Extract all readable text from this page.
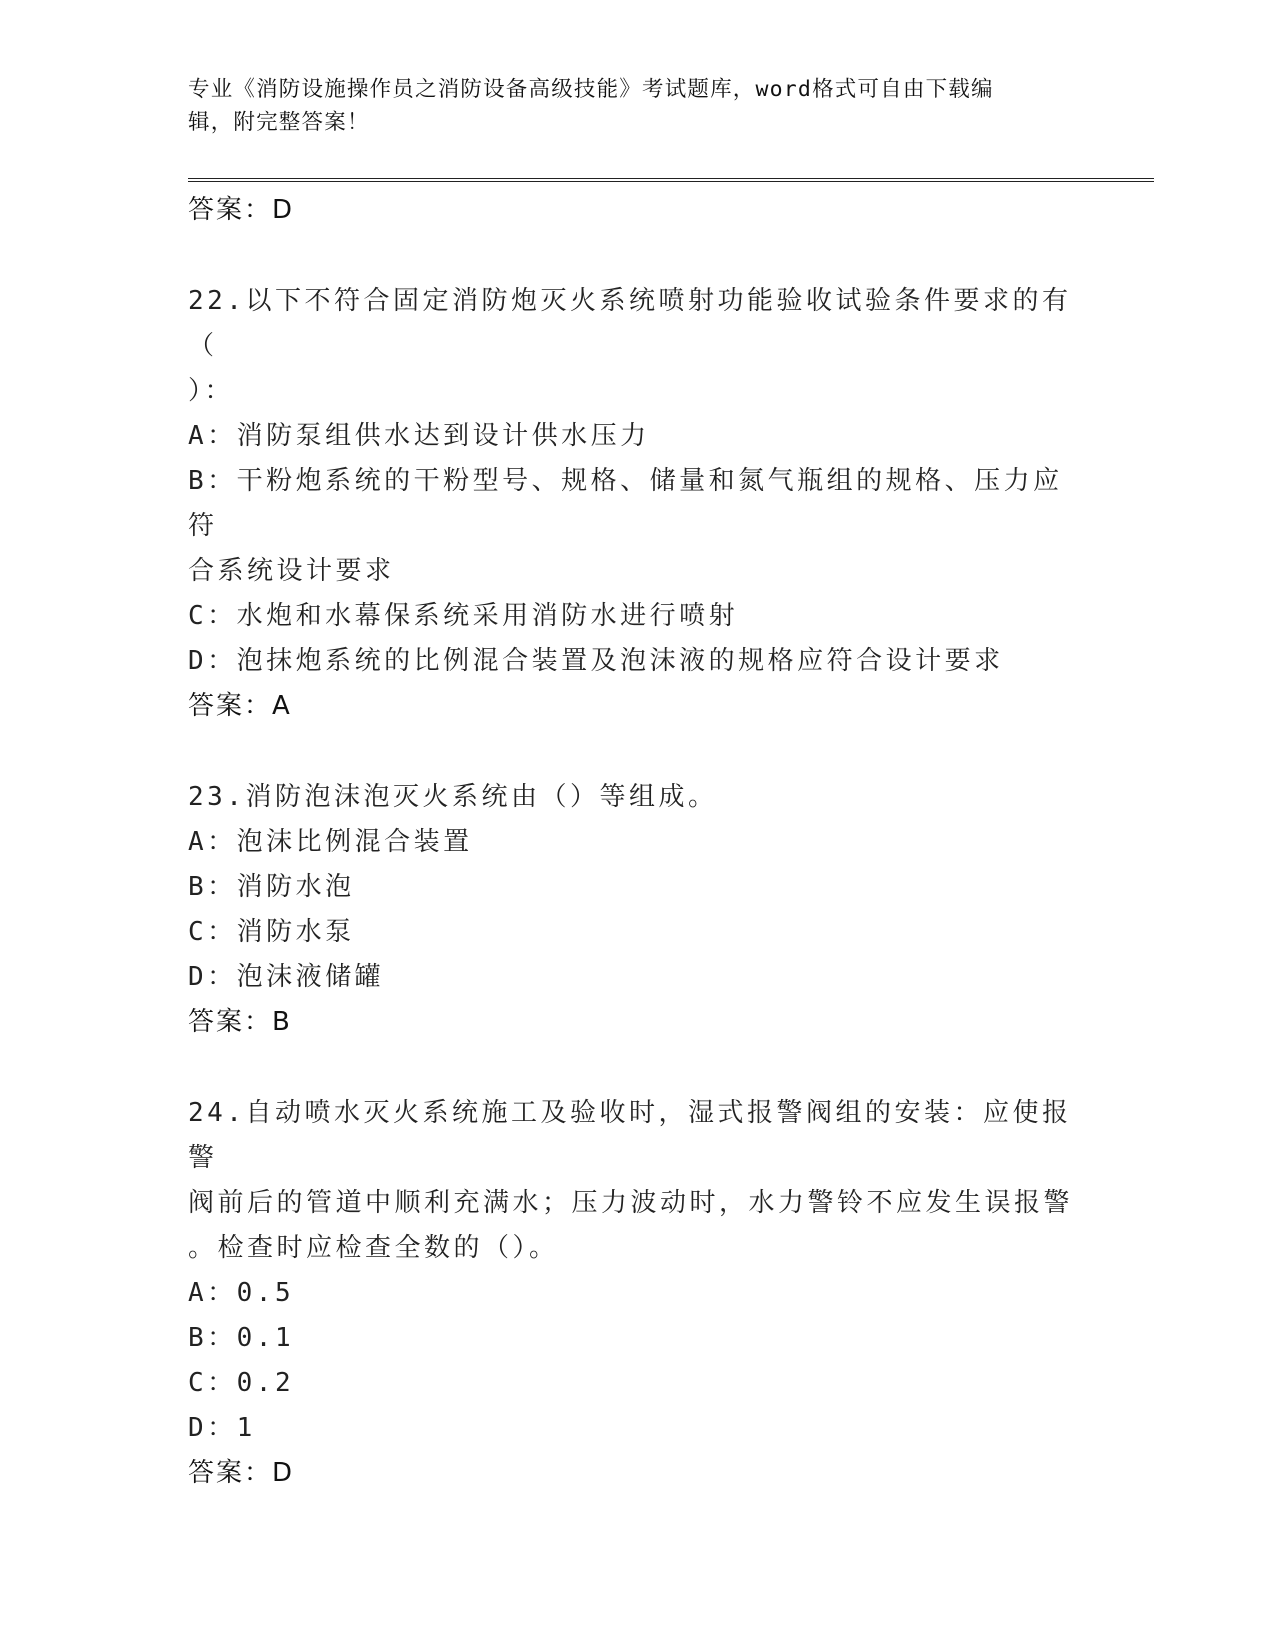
专业《消防设施操作员之消防设备高级技能》考试题库，word格式可自由下载编
辑，附完整答案！
答案：D
22.以下不符合固定消防炮灭火系统喷射功能验收试验条件要求的有（
）：
A：消防泵组供水达到设计供水压力
B：干粉炮系统的干粉型号、规格、储量和氮气瓶组的规格、压力应符
合系统设计要求
C：水炮和水幕保系统采用消防水进行喷射
D：泡抹炮系统的比例混合装置及泡沫液的规格应符合设计要求
答案：A
23.消防泡沫泡灭火系统由（）等组成。
A：泡沫比例混合装置
B：消防水泡
C：消防水泵
D：泡沫液储罐
答案：B
24.自动喷水灭火系统施工及验收时，湿式报警阀组的安装：应使报警
阀前后的管道中顺利充满水；压力波动时，水力警铃不应发生误报警
。检查时应检查全数的（）。
A：0.5
B：0.1
C：0.2
D：1
答案：D
